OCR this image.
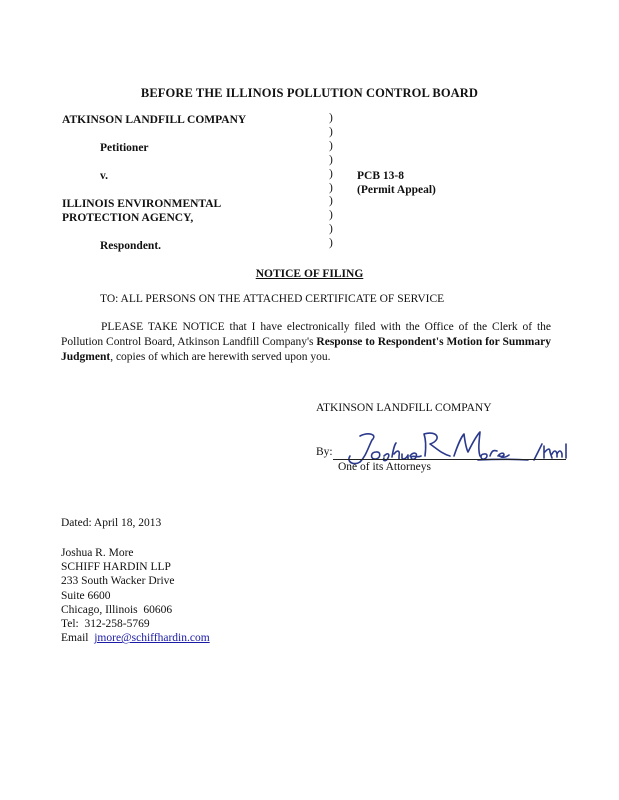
BEFORE THE ILLINOIS POLLUTION CONTROL BOARD
ATKINSON LANDFILL COMPANY
Petitioner
v.
ILLINOIS ENVIRONMENTAL
PROTECTION AGENCY,
Respondent.
)
)
)
)
)
)
)
)
)
)
PCB 13-8
(Permit Appeal)
NOTICE OF FILING
TO: ALL PERSONS ON THE ATTACHED CERTIFICATE OF SERVICE
PLEASE TAKE NOTICE that I have electronically filed with the Office of the Clerk of the Pollution Control Board, Atkinson Landfill Company's Response to Respondent's Motion for Summary Judgment, copies of which are herewith served upon you.
ATKINSON LANDFILL COMPANY
By:
One of its Attorneys
Dated: April 18, 2013
Joshua R. More
SCHIFF HARDIN LLP
233 South Wacker Drive
Suite 6600
Chicago, Illinois  60606
Tel:  312-258-5769
Email  jmore@schiffhardin.com
